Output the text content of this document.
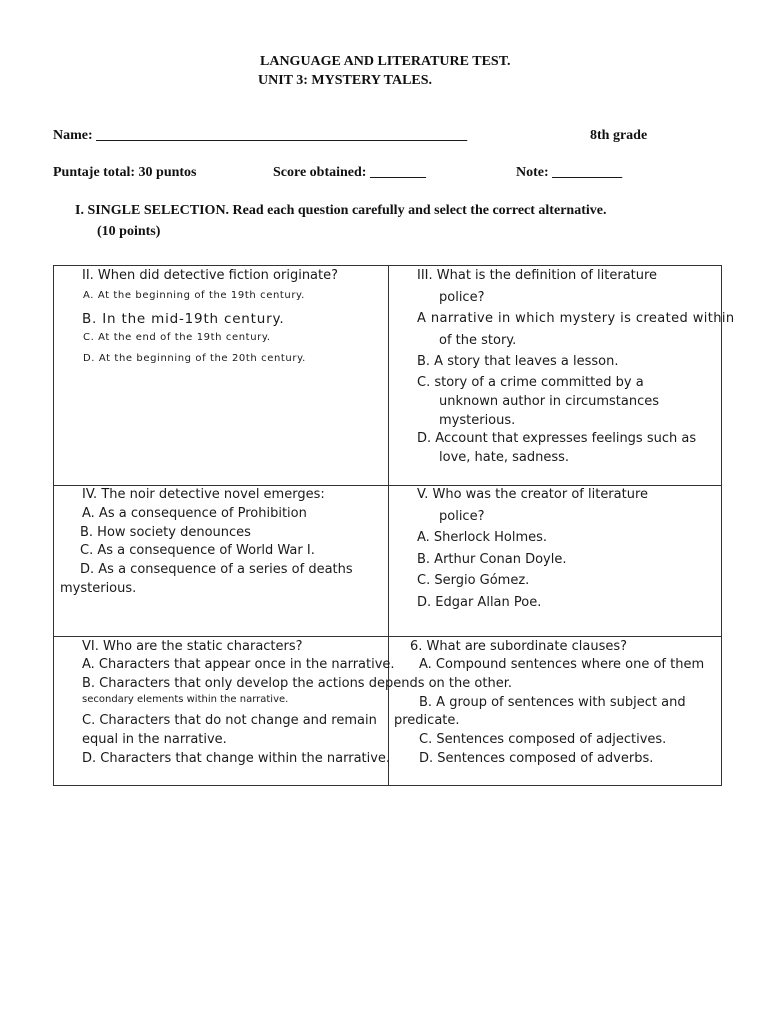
LANGUAGE AND LITERATURE TEST.
UNIT 3: MYSTERY TALES.
Name: _____________________________________________________	8th grade
Puntaje total: 30 puntos	Score obtained: ________	Note: __________
I. SINGLE SELECTION. Read each question carefully and select the correct alternative.
(10 points)
II. When did detective fiction originate?
A. At the beginning of the 19th century.
B. In the mid-19th century.
C. At the end of the 19th century.
D. At the beginning of the 20th century.
III. What is the definition of literature
police?
A narrative in which mystery is created within
of the story.
B. A story that leaves a lesson.
C. story of a crime committed by a
unknown author in circumstances
mysterious.
D. Account that expresses feelings such as
love, hate, sadness.
IV. The noir detective novel emerges:
A. As a consequence of Prohibition
B. How society denounces
C. As a consequence of World War I.
D. As a consequence of a series of deaths
mysterious.
V. Who was the creator of literature
police?
A. Sherlock Holmes.
B. Arthur Conan Doyle.
C. Sergio Gómez.
D. Edgar Allan Poe.
VI. Who are the static characters?
A. Characters that appear once in the narrative.
B. Characters that only develop the actions depends on the other.
secondary elements within the narrative.
C. Characters that do not change and remain
equal in the narrative.
D. Characters that change within the narrative.
6. What are subordinate clauses?
A. Compound sentences where one of them
B. A group of sentences with subject and
predicate.
C. Sentences composed of adjectives.
D. Sentences composed of adverbs.
